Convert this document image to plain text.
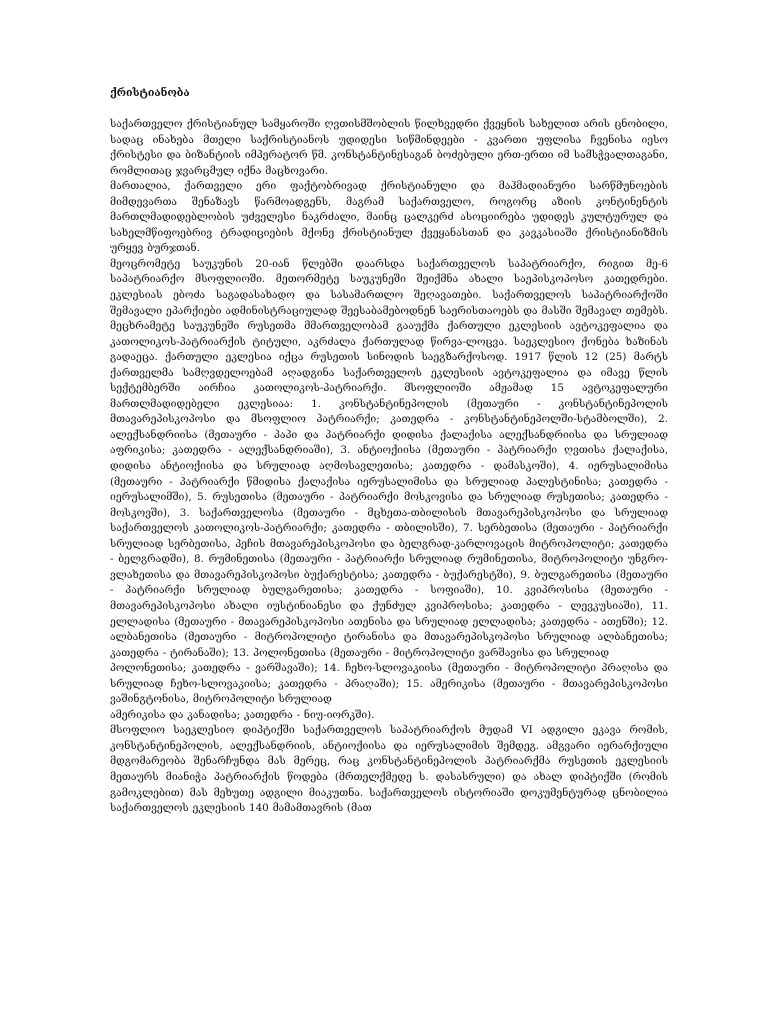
ქრისტიანობა

საქართველო ქრისტიანულ სამყაროში ღვთისმშობლის წილხვედრი ქვეყნის სახელით არის ცნობილი, სადაც ინახება მთელი საქრისტიანოს უდიდესი სიწმინდეები - კვართი უფლისა ჩვენისა იესო ქრისტესი და ბიზანტიის იმპერატორ წმ. კონსტანტინესაგან ბოძებული ერთ-ერთი იმ სამსჭვალთაგანი, რომლითაც ჯვარცმულ იქნა მაცხოვარი.

მართალია, ქართველი ერი ფაქტობრივად ქრისტიანული და მაჰმადიანური სარწმუნოების მიმდევართა შენაზავს წარმოადგენს, მაგრამ საქართველო, როგორც აზიის კონტინენტის მართლმადიდებლობის უძველესი ნაკრძალი, მაინც ცალკერძ ასოციირება უდიდეს კულტურულ და სახელმწიფოებრივ ტრადიციების მქონე ქრისტიანულ ქვეყანასთან და კავკასიაში ქრისტიანიზმის ურყევ ბურჯთან.

მეოცრომეტე საუკუნის 20-იან წლებში დაარსდა საქართველოს საპატრიარქო, რიგით მე-6 საპატრიარქო მსოფლიოში. მეთორმეტე საუკუნეში შეიქმნა ახალი საეპისკოპოსო კათედრები. ეკლესიას ებოძა საგადასახადო და სასამართლო შეღავათები. საქართველოს საპატრიარქოში შემავალი ეპარქიები ადმინისტრაციულად შეესაბამებოდნენ საერისთაოებს და მასში შემავალ თემებს. მეცხრამეტე საუკუნეში რუსეთმა მმართველობამ გააუქმა ქართული ეკლესიის ავტოკეფალია და კათოლიკოს-პატრიარქის ტიტული, აკრძალა ქართულად წირვა-ლოცვა. საეკლესიო ქონება ხაზინას გადაეცა. ქართული ეკლესია იქცა რუსეთის სინოდის საეგზარქოსოდ. 1917 წლის 12 (25) მარტს ქართველმა სამღვდელოებამ აღადგინა საქართველოს ეკლესიის ავტოკეფალია და იმავე წლის სექტემბერში აირჩია კათოლიკოს-პატრიარქი. მსოფლიოში ამჟამად 15 ავტოკეფალური მართლმადიდებელი ეკლესიაა: 1. კონსტანტინეპოლის (მეთაური - კონსტანტინეპოლის მთავარეპისკოპოსი და მსოფლიო პატრიარქი; კათედრა - კონსტანტინეპოლში-სტამბოლში), 2. ალექსანდრიისა (მეთაური - პაპი და პატრიარქი დიდისა ქალაქისა ალექსანდრიისა და სრულიად აფრიკისა; კათედრა - ალექსანდრიაში), 3. ანტიოქიისა (მეთაური - პატრიარქი ღვთისა ქალაქისა, დიდისა ანტიოქიისა და სრულიად აღმოსავლეთისა; კათედრა - დამასკოში), 4. იერუსალიმისა (მეთაური - პატრიარქი წმიდისა ქალაქისა იერუსალიმისა და სრულიად პალესტინისა; კათედრა - იერუსალიმში), 5. რუსეთისა (მეთაური - პატრიარქი მოსკოვისა და სრულიად რუსეთისა; კათედრა - მოსკოვში), 3. საქართველოსა (მეთაური - მცხეთა-თბილისის მთავარეპისკოპოსი და სრულიად საქართველოს კათოლიკოს-პატრიარქი; კათედრა - თბილისში), 7. სერბეთისა (მეთაური - პატრიარქი სრულიად სერბეთისა, პეჩის მთავარეპისკოპოსი და ბელგრად-კარლოვაცის მიტროპოლიტი; კათედრა - ბელგრადში), 8. რუმინეთისა (მეთაური - პატრიარქი სრულიად რუმინეთისა, მიტროპოლიტი უნგრო-ვლახეთისა და მთავარეპისკოპოსი ბუქარესტისა; კათედრა - ბუქარესტში), 9. ბულგარეთისა (მეთაური - პატრიარქი სრულიად ბულგარეთისა; კათედრა - სოფიაში), 10. კვიპროსისა (მეთაური - მთავარეპისკოპოსი ახალი იუსტინიანესი და ქუნძულ კვიპროსისა; კათედრა - ლევკუსიაში), 11. ელლადისა (მეთაური - მთავარეპისკოპოსი ათენისა და სრულიად ელლადისა; კათედრა - ათენში); 12. ალბანეთისა (მეთაური - მიტროპოლიტი ტირანისა და მთავარეპისკოპოსი სრულიად ალბანეთისა; კათედრა - ტირანაში); 13. პოლონეთისა (მეთაური - მიტროპოლიტი ვარშავისა და სრულიად
პოლონეთისა; კათედრა - ვარშავაში); 14. ჩეხო-სლოვაკიისა (მეთაური - მიტროპოლიტი პრაღისა და სრულიად ჩეხო-სლოვაკიისა; კათედრა - პრაღაში); 15. ამერიკისა (მეთაური - მთავარეპისკოპოსი ვაშინგტონისა, მიტროპოლიტი სრულიად
ამერიკისა და კანადისა; კათედრა - ნიუ-იორკში).

მსოფლიო საეკლესიო დიპტიქში საქართველოს საპატრიარქოს მუდამ VI ადგილი ეკავა რომის, კონსტანტინეპოლის, ალექსანდრიის, ანტიოქიისა და იერუსალიმის შემდეგ. ამგვარი იერარქიული მდგომარეობა შენარჩუნდა მას მერეც, რაც კონსტანტინეპოლის პატრიარქმა რუსეთის ეკლესიის მეთაურს მიანიჭა პატრიარქის წოდება (მრთელქმედე ს. დასასრული) და ახალ დიპტიქში (რომის გამოკლებით) მას მეხუთე ადგილი მიაკუთნა. საქართველოს ისტორიაში დოკუმენტურად ცნობილია საქართველოს ეკლესიის 140 მამამთავრის (მათ
